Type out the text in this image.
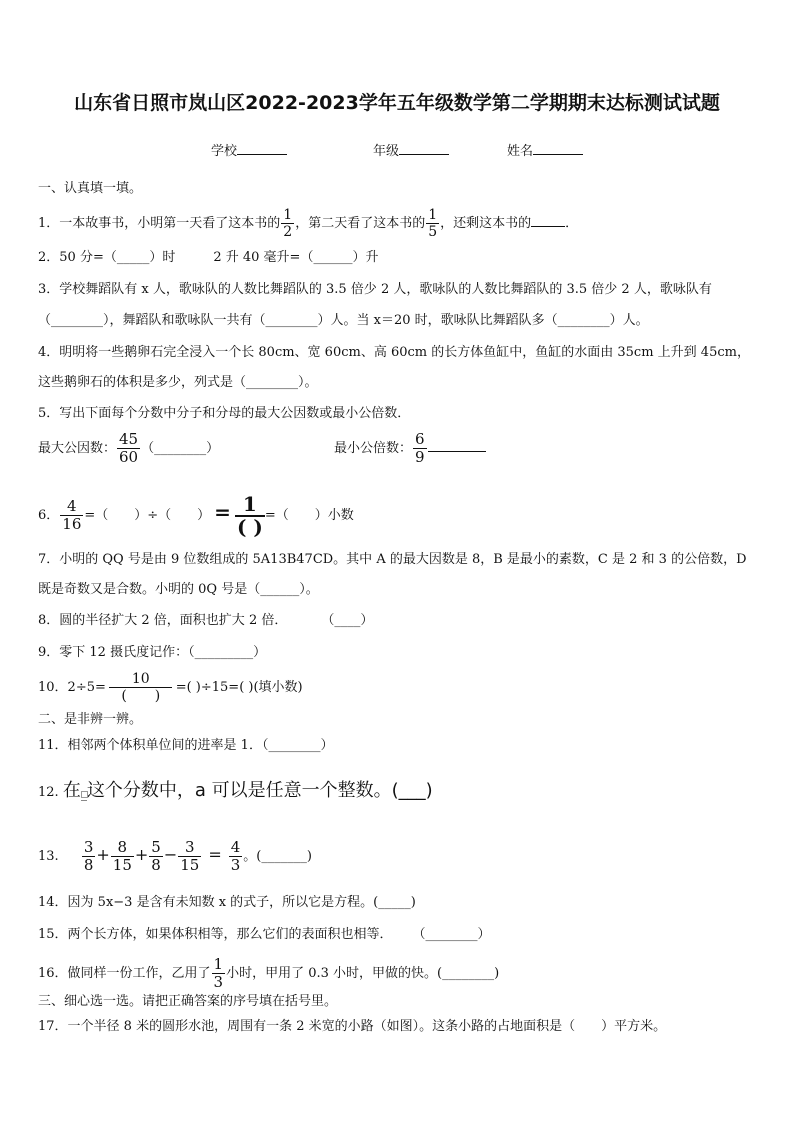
山东省日照市岚山区2022-2023学年五年级数学第二学期期末达标测试试题
学校	年级	姓名
一、认真填一填。
1．一本故事书，小明第一天看了这本书的 $\frac{1}{2}$ ，第二天看了这本书的 $\frac{1}{5}$ ，还剩这本书的	．
2．50 分=（_____）时	2 升 40 毫升=（______）升
3．学校舞蹈队有 x 人，歌咏队的人数比舞蹈队的 3.5 倍少 2 人，歌咏队的人数比舞蹈队的 3.5 倍少 2 人，歌咏队有
（________），舞蹈队和歌咏队一共有（________）人。当 x＝20 时，歌咏队比舞蹈队多（________）人。
4．明明将一些鹅卵石完全浸入一个长 80cm、宽 60cm、高 60cm 的长方体鱼缸中，鱼缸的水面由 35cm 上升到 45cm，
这些鹅卵石的体积是多少，列式是（________）。
5．写出下面每个分数中分子和分母的最大公因数或最小公倍数．
最大公因数： $\frac{45}{60}$ （________）	最小公倍数： $\frac{6}{9}$
6． $\frac{4}{16}$ =（　　）÷（　　） = $\frac{1}{( )}$ =（　　）小数
7．小明的 QQ 号是由 9 位数组成的 5A13B47CD。其中 A 的最大因数是 8，B 是最小的素数，C 是 2 和 3 的公倍数，D
既是奇数又是合数。小明的 0Q 号是（______）。
8．圆的半径扩大 2 倍，面积也扩大 2 倍．	（____）
9．零下 12 摄氏度记作：（_________）
10．$2\div 5= \frac{10}{( )}$ =( )÷15=( )(填小数)
二、是非辨一辨。
11．相邻两个体积单位间的进率是 1．（________）
12. 在 这个分数中，a 可以是任意一个整数。(___)
13. $\frac{3}{8} + \frac{8}{15} + \frac{5}{8} - \frac{3}{15} = \frac{4}{3}$ 。(_______)
14．因为 5x−3 是含有未知数 x 的式子，所以它是方程。(_____)
15．两个长方体，如果体积相等，那么它们的表面积也相等． （________）
16．做同样一份工作，乙用了 $\frac{1}{3}$ 小时，甲用了 0.3 小时，甲做的快。(________)
三、细心选一选。请把正确答案的序号填在括号里。
17．一个半径 8 米的圆形水池，周围有一条 2 米宽的小路（如图）。这条小路的占地面积是（　　）平方米。
